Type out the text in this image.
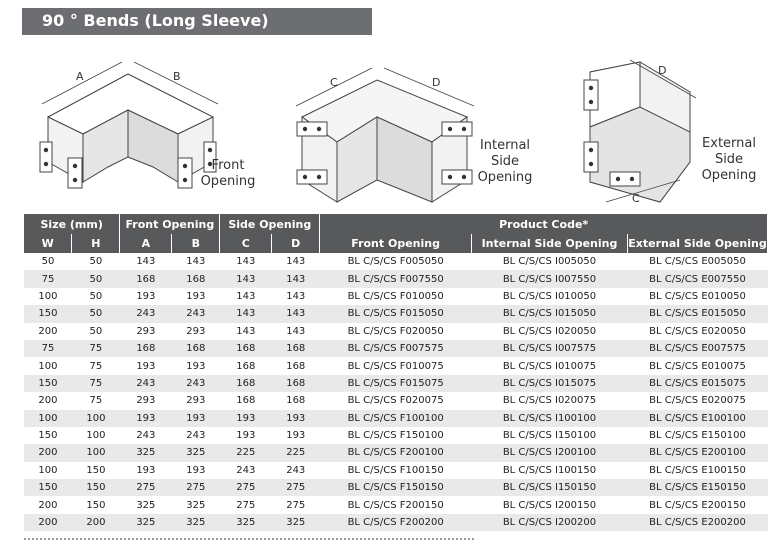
90 ° Bends (Long Sleeve)
A	B
Front
Opening
C	D
Internal
Side
Opening
D
C
External
Side
Opening
Size (mm)		Front Opening		Side Opening		Product Code*		
W	H	A	B	C	D	Front Opening	Internal Side Opening	External Side Opening
50	50	143	143	143	143	BL C/S/CS F005050	BL C/S/CS I005050	BL C/S/CS E005050
75	50	168	168	143	143	BL C/S/CS F007550	BL C/S/CS I007550	BL C/S/CS E007550
100	50	193	193	143	143	BL C/S/CS F010050	BL C/S/CS I010050	BL C/S/CS E010050
150	50	243	243	143	143	BL C/S/CS F015050	BL C/S/CS I015050	BL C/S/CS E015050
200	50	293	293	143	143	BL C/S/CS F020050	BL C/S/CS I020050	BL C/S/CS E020050
75	75	168	168	168	168	BL C/S/CS F007575	BL C/S/CS I007575	BL C/S/CS E007575
100	75	193	193	168	168	BL C/S/CS F010075	BL C/S/CS I010075	BL C/S/CS E010075
150	75	243	243	168	168	BL C/S/CS F015075	BL C/S/CS I015075	BL C/S/CS E015075
200	75	293	293	168	168	BL C/S/CS F020075	BL C/S/CS I020075	BL C/S/CS E020075
100	100	193	193	193	193	BL C/S/CS F100100	BL C/S/CS I100100	BL C/S/CS E100100
150	100	243	243	193	193	BL C/S/CS F150100	BL C/S/CS I150100	BL C/S/CS E150100
200	100	325	325	225	225	BL C/S/CS F200100	BL C/S/CS I200100	BL C/S/CS E200100
100	150	193	193	243	243	BL C/S/CS F100150	BL C/S/CS I100150	BL C/S/CS E100150
150	150	275	275	275	275	BL C/S/CS F150150	BL C/S/CS I150150	BL C/S/CS E150150
200	150	325	325	275	275	BL C/S/CS F200150	BL C/S/CS I200150	BL C/S/CS E200150
200	200	325	325	325	325	BL C/S/CS F200200	BL C/S/CS I200200	BL C/S/CS E200200
